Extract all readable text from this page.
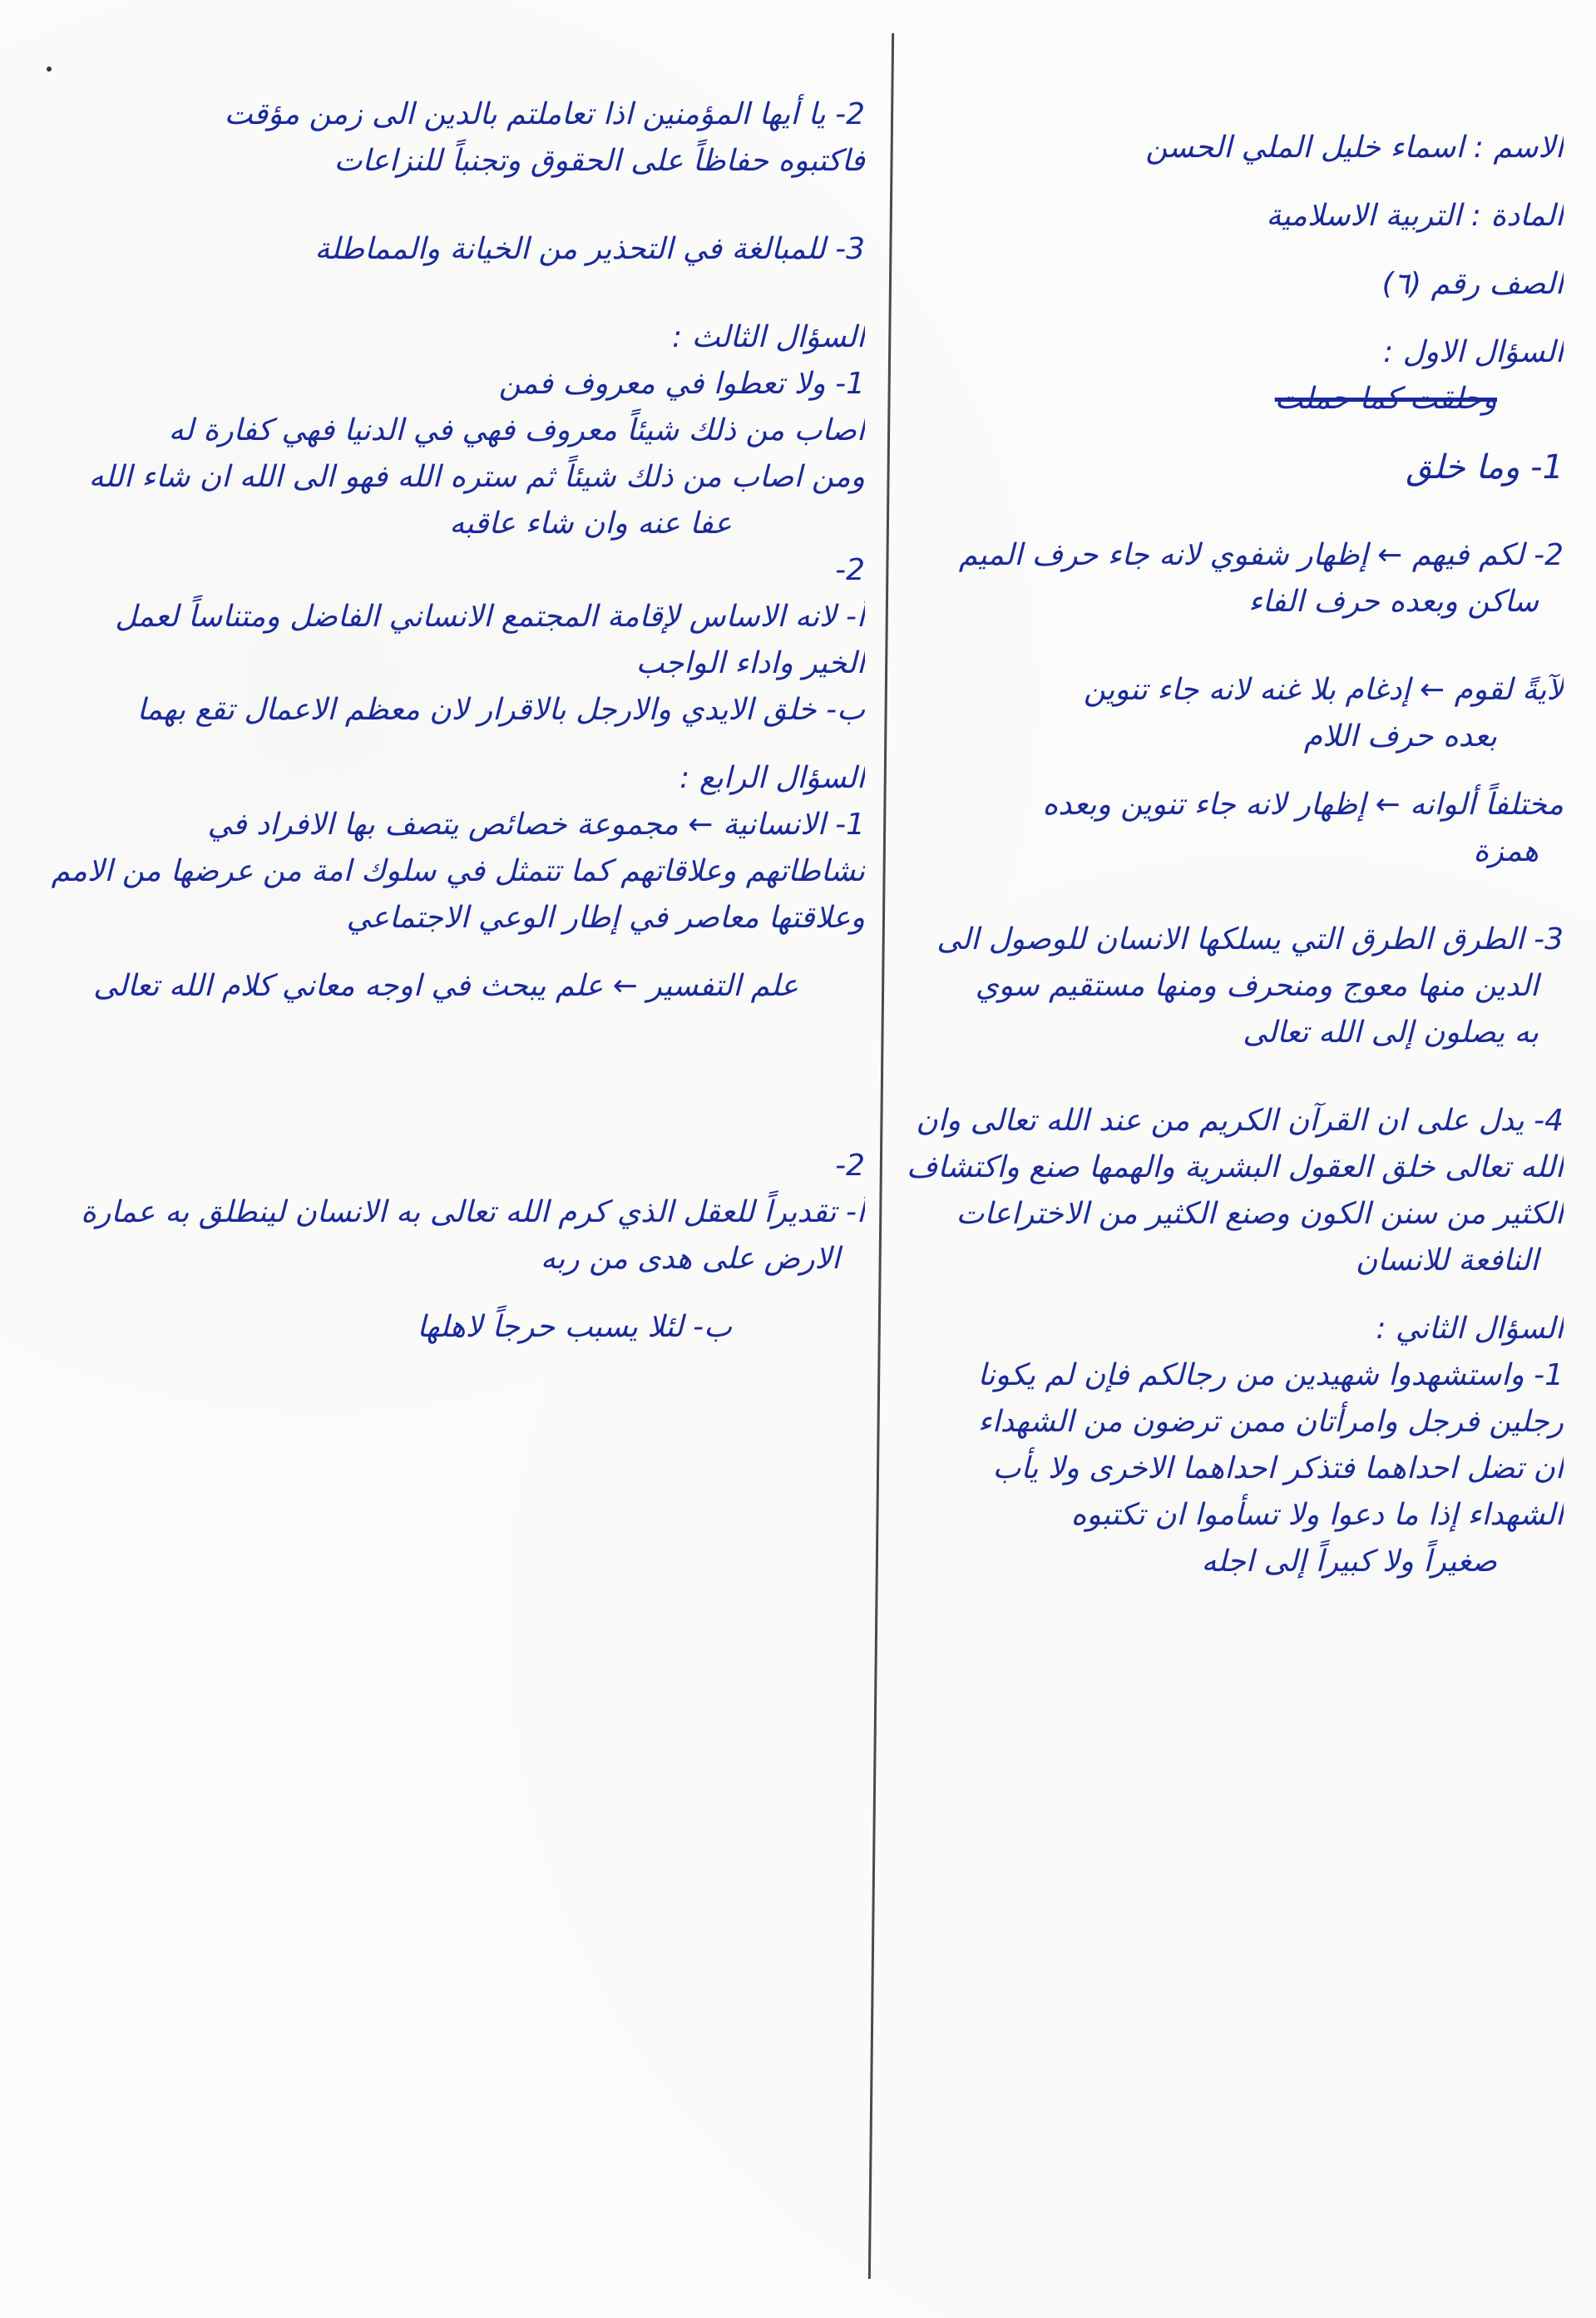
الاسم : اسماء خليل الملي الحسن
المادة : التربية الاسلامية
الصف رقم (٦)
السؤال الاول :
وحلقت كما حملت
1- وما خلق
2- لكم فيهم ← إظهار شفوي لانه جاء حرف الميم
ساكن وبعده حرف الفاء
لآيةً لقوم ← إدغام بلا غنه لانه جاء تنوين
بعده حرف اللام
مختلفاً ألوانه ← إظهار لانه جاء تنوين وبعده
همزة
3- الطرق الطرق التي يسلكها الانسان للوصول الى
الدين منها معوج ومنحرف ومنها مستقيم سوي
به يصلون إلى الله تعالى
4- يدل على ان القرآن الكريم من عند الله تعالى وان
الله تعالى خلق العقول البشرية والهمها صنع واكتشاف
الكثير من سنن الكون وصنع الكثير من الاختراعات
النافعة للانسان
السؤال الثاني :
1- واستشهدوا شهيدين من رجالكم فإن لم يكونا
رجلين فرجل وامرأتان ممن ترضون من الشهداء
ان تضل احداهما فتذكر احداهما الاخرى ولا يأب
الشهداء إذا ما دعوا ولا تسأموا ان تكتبوه
صغيراً ولا كبيراً إلى اجله
2- يا أيها المؤمنين اذا تعاملتم بالدين الى زمن مؤقت
فاكتبوه حفاظاً على الحقوق وتجنباً للنزاعات
3- للمبالغة في التحذير من الخيانة والمماطلة
السؤال الثالث :
1- ولا تعطوا في معروف فمن
اصاب من ذلك شيئاً معروف فهي في الدنيا فهي كفارة له
ومن اصاب من ذلك شيئاً ثم ستره الله فهو الى الله ان شاء الله
عفا عنه وان شاء عاقبه
2-
أ- لانه الاساس لإقامة المجتمع الانساني الفاضل ومتناساً لعمل
الخير واداء الواجب
ب- خلق الايدي والارجل بالاقرار لان معظم الاعمال تقع بهما
السؤال الرابع :
1- الانسانية ← مجموعة خصائص يتصف بها الافراد في
نشاطاتهم وعلاقاتهم كما تتمثل في سلوك امة من عرضها من الامم
وعلاقتها معاصر في إطار الوعي الاجتماعي
علم التفسير ← علم يبحث في اوجه معاني كلام الله تعالى
2-
أ- تقديراً للعقل الذي كرم الله تعالى به الانسان لينطلق به عمارة
الارض على هدى من ربه
ب- لئلا يسبب حرجاً لاهلها
